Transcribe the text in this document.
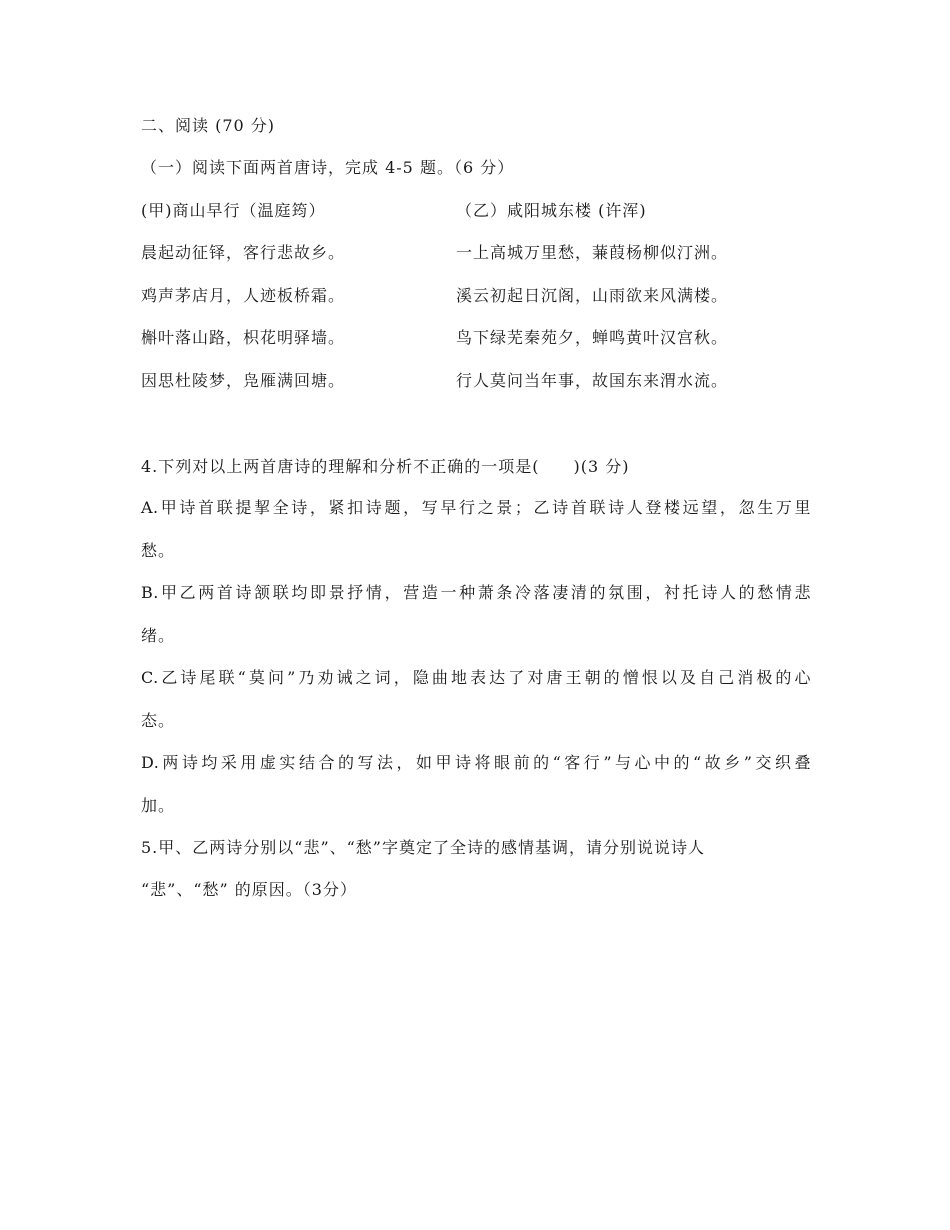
二、阅读 (70 分)
（一）阅读下面两首唐诗，完成 4-5 题。（6 分）
(甲)商山早行（温庭筠）	（乙）咸阳城东楼 (许浑)
晨起动征铎，客行悲故乡。	一上高城万里愁，蒹葭杨柳似汀洲。
鸡声茅店月，人迹板桥霜。	溪云初起日沉阁，山雨欲来风满楼。
槲叶落山路，枳花明驿墙。	鸟下绿芜秦苑夕，蝉鸣黄叶汉宫秋。
因思杜陵梦，凫雁满回塘。	行人莫问当年事，故国东来渭水流。
4.下列对以上两首唐诗的理解和分析不正确的一项是(　　)(3 分)
A.甲诗首联提挈全诗，紧扣诗题，写早行之景；乙诗首联诗人登楼远望，忽生万里
愁。
B.甲乙两首诗颔联均即景抒情，营造一种萧条冷落凄清的氛围，衬托诗人的愁情悲
绪。
C.乙诗尾联“莫问”乃劝诫之词，隐曲地表达了对唐王朝的憎恨以及自己消极的心
态。
D.两诗均采用虚实结合的写法，如甲诗将眼前的“客行”与心中的“故乡”交织叠
加。
5.甲、乙两诗分别以“悲”、“愁”字奠定了全诗的感情基调，请分别说说诗人
“悲”、“愁” 的原因。（3分）
